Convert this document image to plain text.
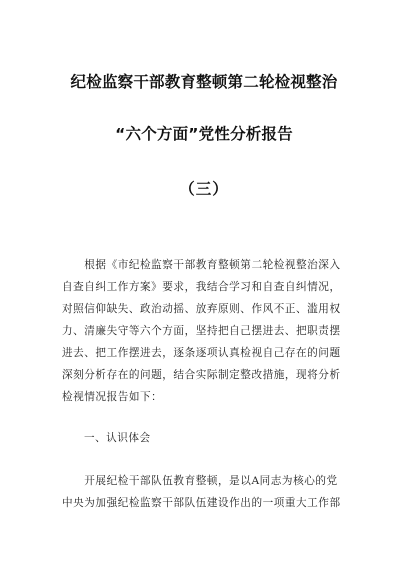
纪检监察干部教育整顿第二轮检视整治
“六个方面”党性分析报告
（三）

　　根据《市纪检监察干部教育整顿第二轮检视整治深入
自查自纠工作方案》要求，我结合学习和自查自纠情况，
对照信仰缺失、政治动摇、放弃原则、作风不正、滥用权
力、清廉失守等六个方面，坚持把自己摆进去、把职责摆
进去、把工作摆进去，逐条逐项认真检视自己存在的问题
深刻分析存在的问题，结合实际制定整改措施，现将分析
检视情况报告如下：

一、认识体会

　　开展纪检干部队伍教育整顿，是以A同志为核心的党
中央为加强纪检监察干部队伍建设作出的一项重大工作部
